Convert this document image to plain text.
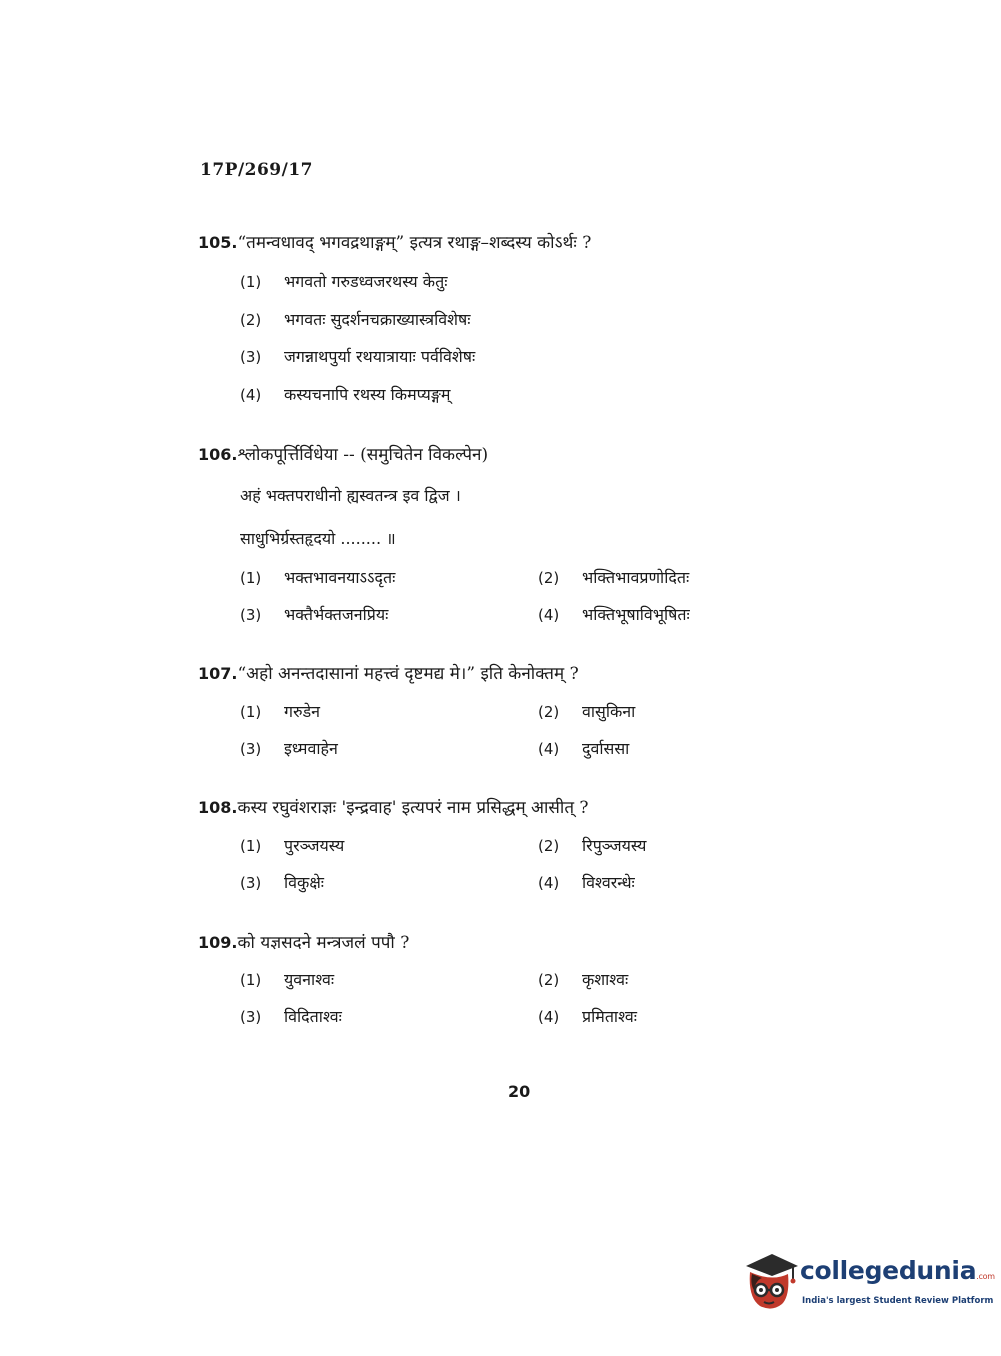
17P/269/17
105.“तमन्वधावद् भगवद्रथाङ्गम्” इत्यत्र रथाङ्ग–शब्दस्य कोऽर्थः ?
(1) भगवतो गरुडध्वजरथस्य केतुः
(2) भगवतः सुदर्शनचक्राख्यास्त्रविशेषः
(3) जगन्नाथपुर्या रथयात्रायाः पर्वविशेषः
(4) कस्यचनापि रथस्य किमप्यङ्गम्
106.श्लोकपूर्त्तिर्विधेया -- (समुचितेन विकल्पेन)
अहं भक्तपराधीनो ह्यस्वतन्त्र इव द्विज ।
साधुभिर्ग्रस्तहृदयो ........ ॥
(1) भक्तभावनयाऽऽदृतः	(2) भक्तिभावप्रणोदितः
(3) भक्तैर्भक्तजनप्रियः	(4) भक्तिभूषाविभूषितः
107.“अहो अनन्तदासानां महत्त्वं दृष्टमद्य मे।” इति केनोक्तम् ?
(1) गरुडेन	(2) वासुकिना
(3) इध्मवाहेन	(4) दुर्वाससा
108.कस्य रघुवंशराज्ञः 'इन्द्रवाह' इत्यपरं नाम प्रसिद्धम् आसीत् ?
(1) पुरञ्जयस्य	(2) रिपुञ्जयस्य
(3) विकुक्षेः	(4) विश्वरन्धेः
109.को यज्ञसदने मन्त्रजलं पपौ ?
(1) युवनाश्वः	(2) कृशाश्वः
(3) विदिताश्वः	(4) प्रमिताश्वः
20
collegedunia.com
India's largest Student Review Platform
